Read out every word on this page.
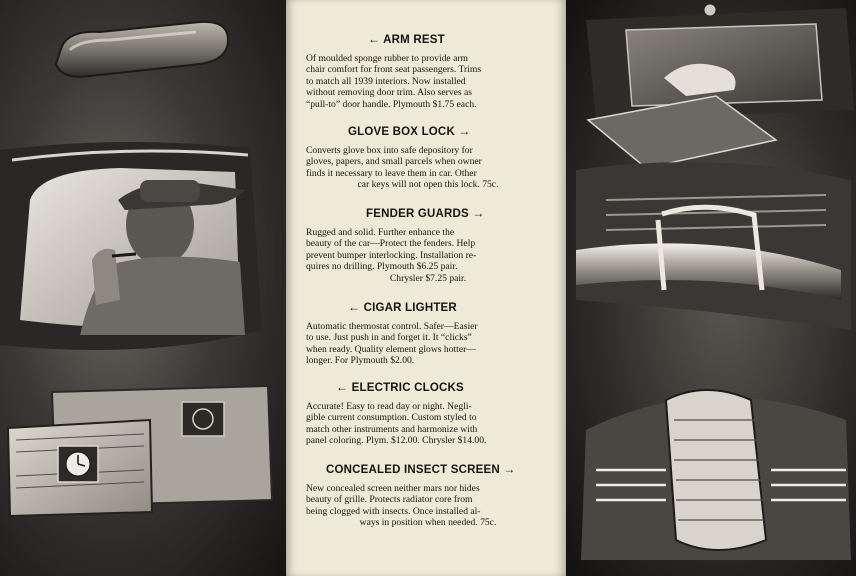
← ARM REST
Of moulded sponge rubber to provide arm
chair comfort for front seat passengers. Trims
to match all 1939 interiors. Now installed
without removing door trim. Also serves as
“pull-to” door handle. Plymouth $1.75 each.
GLOVE BOX LOCK →
Converts glove box into safe depository for
gloves, papers, and small parcels when owner
finds it necessary to leave them in car. Other
car keys will not open this lock. 75c.
FENDER GUARDS →
Rugged and solid. Further enhance the
beauty of the car—Protect the fenders. Help
prevent bumper interlocking. Installation re-
quires no drilling. Plymouth $6.25 pair.
Chrysler $7.25 pair.
← CIGAR LIGHTER
Automatic thermostat control. Safer—Easier
to use. Just push in and forget it. It “clicks”
when ready. Quality element glows hotter—
longer. For Plymouth $2.00.
← ELECTRIC CLOCKS
Accurate! Easy to read day or night. Negli-
gible current consumption. Custom styled to
match other instruments and harmonize with
panel coloring. Plym. $12.00. Chrysler $14.00.
CONCEALED INSECT SCREEN →
New concealed screen neither mars nor hides
beauty of grille. Protects radiator core from
being clogged with insects. Once installed al-
ways in position when needed. 75c.
